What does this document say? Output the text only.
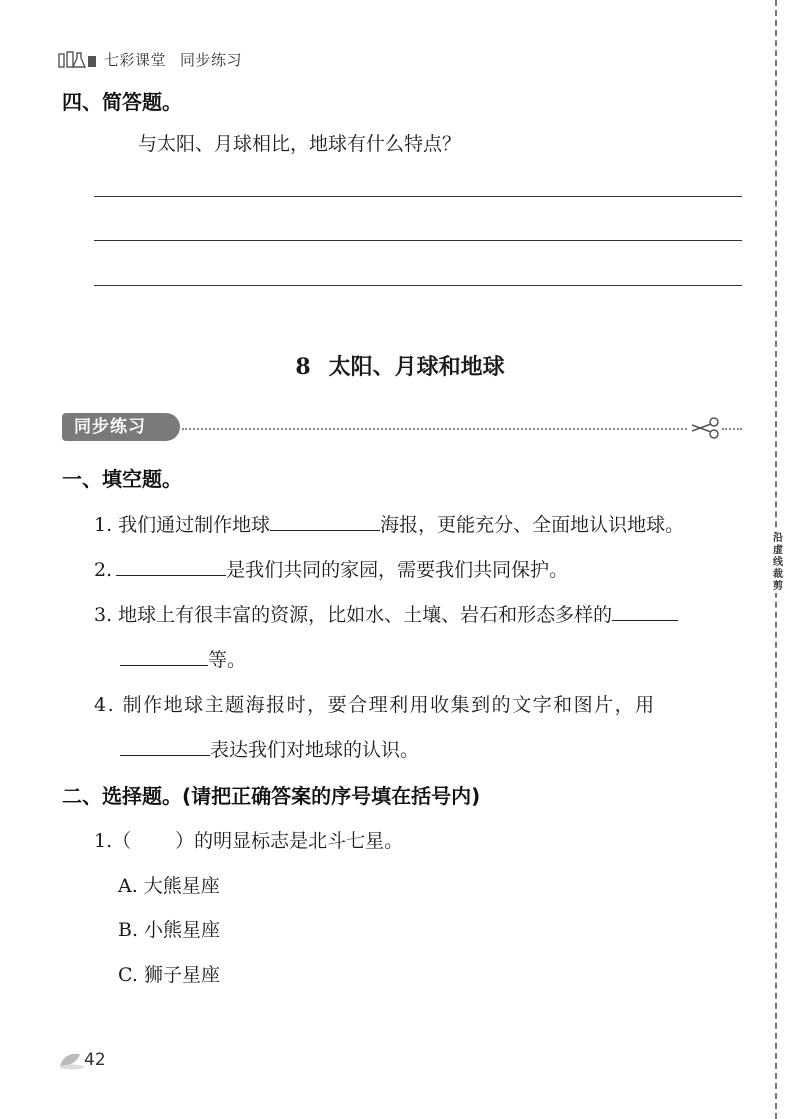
七彩课堂 同步练习
四、简答题。
与太阳、月球相比，地球有什么特点？
8 太阳、月球和地球
同步练习
一、填空题。
1. 我们通过制作地球	海报，更能充分、全面地认识地球。
2.	是我们共同的家园，需要我们共同保护。
3. 地球上有很丰富的资源，比如水、土壤、岩石和形态多样的
等。
4. 制作地球主题海报时，要合理利用收集到的文字和图片，用
表达我们对地球的认识。
二、选择题。(请把正确答案的序号填在括号内)
1.（ ）的明显标志是北斗七星。
A. 大熊星座
B. 小熊星座
C. 狮子星座
沿虚线裁剪
42
